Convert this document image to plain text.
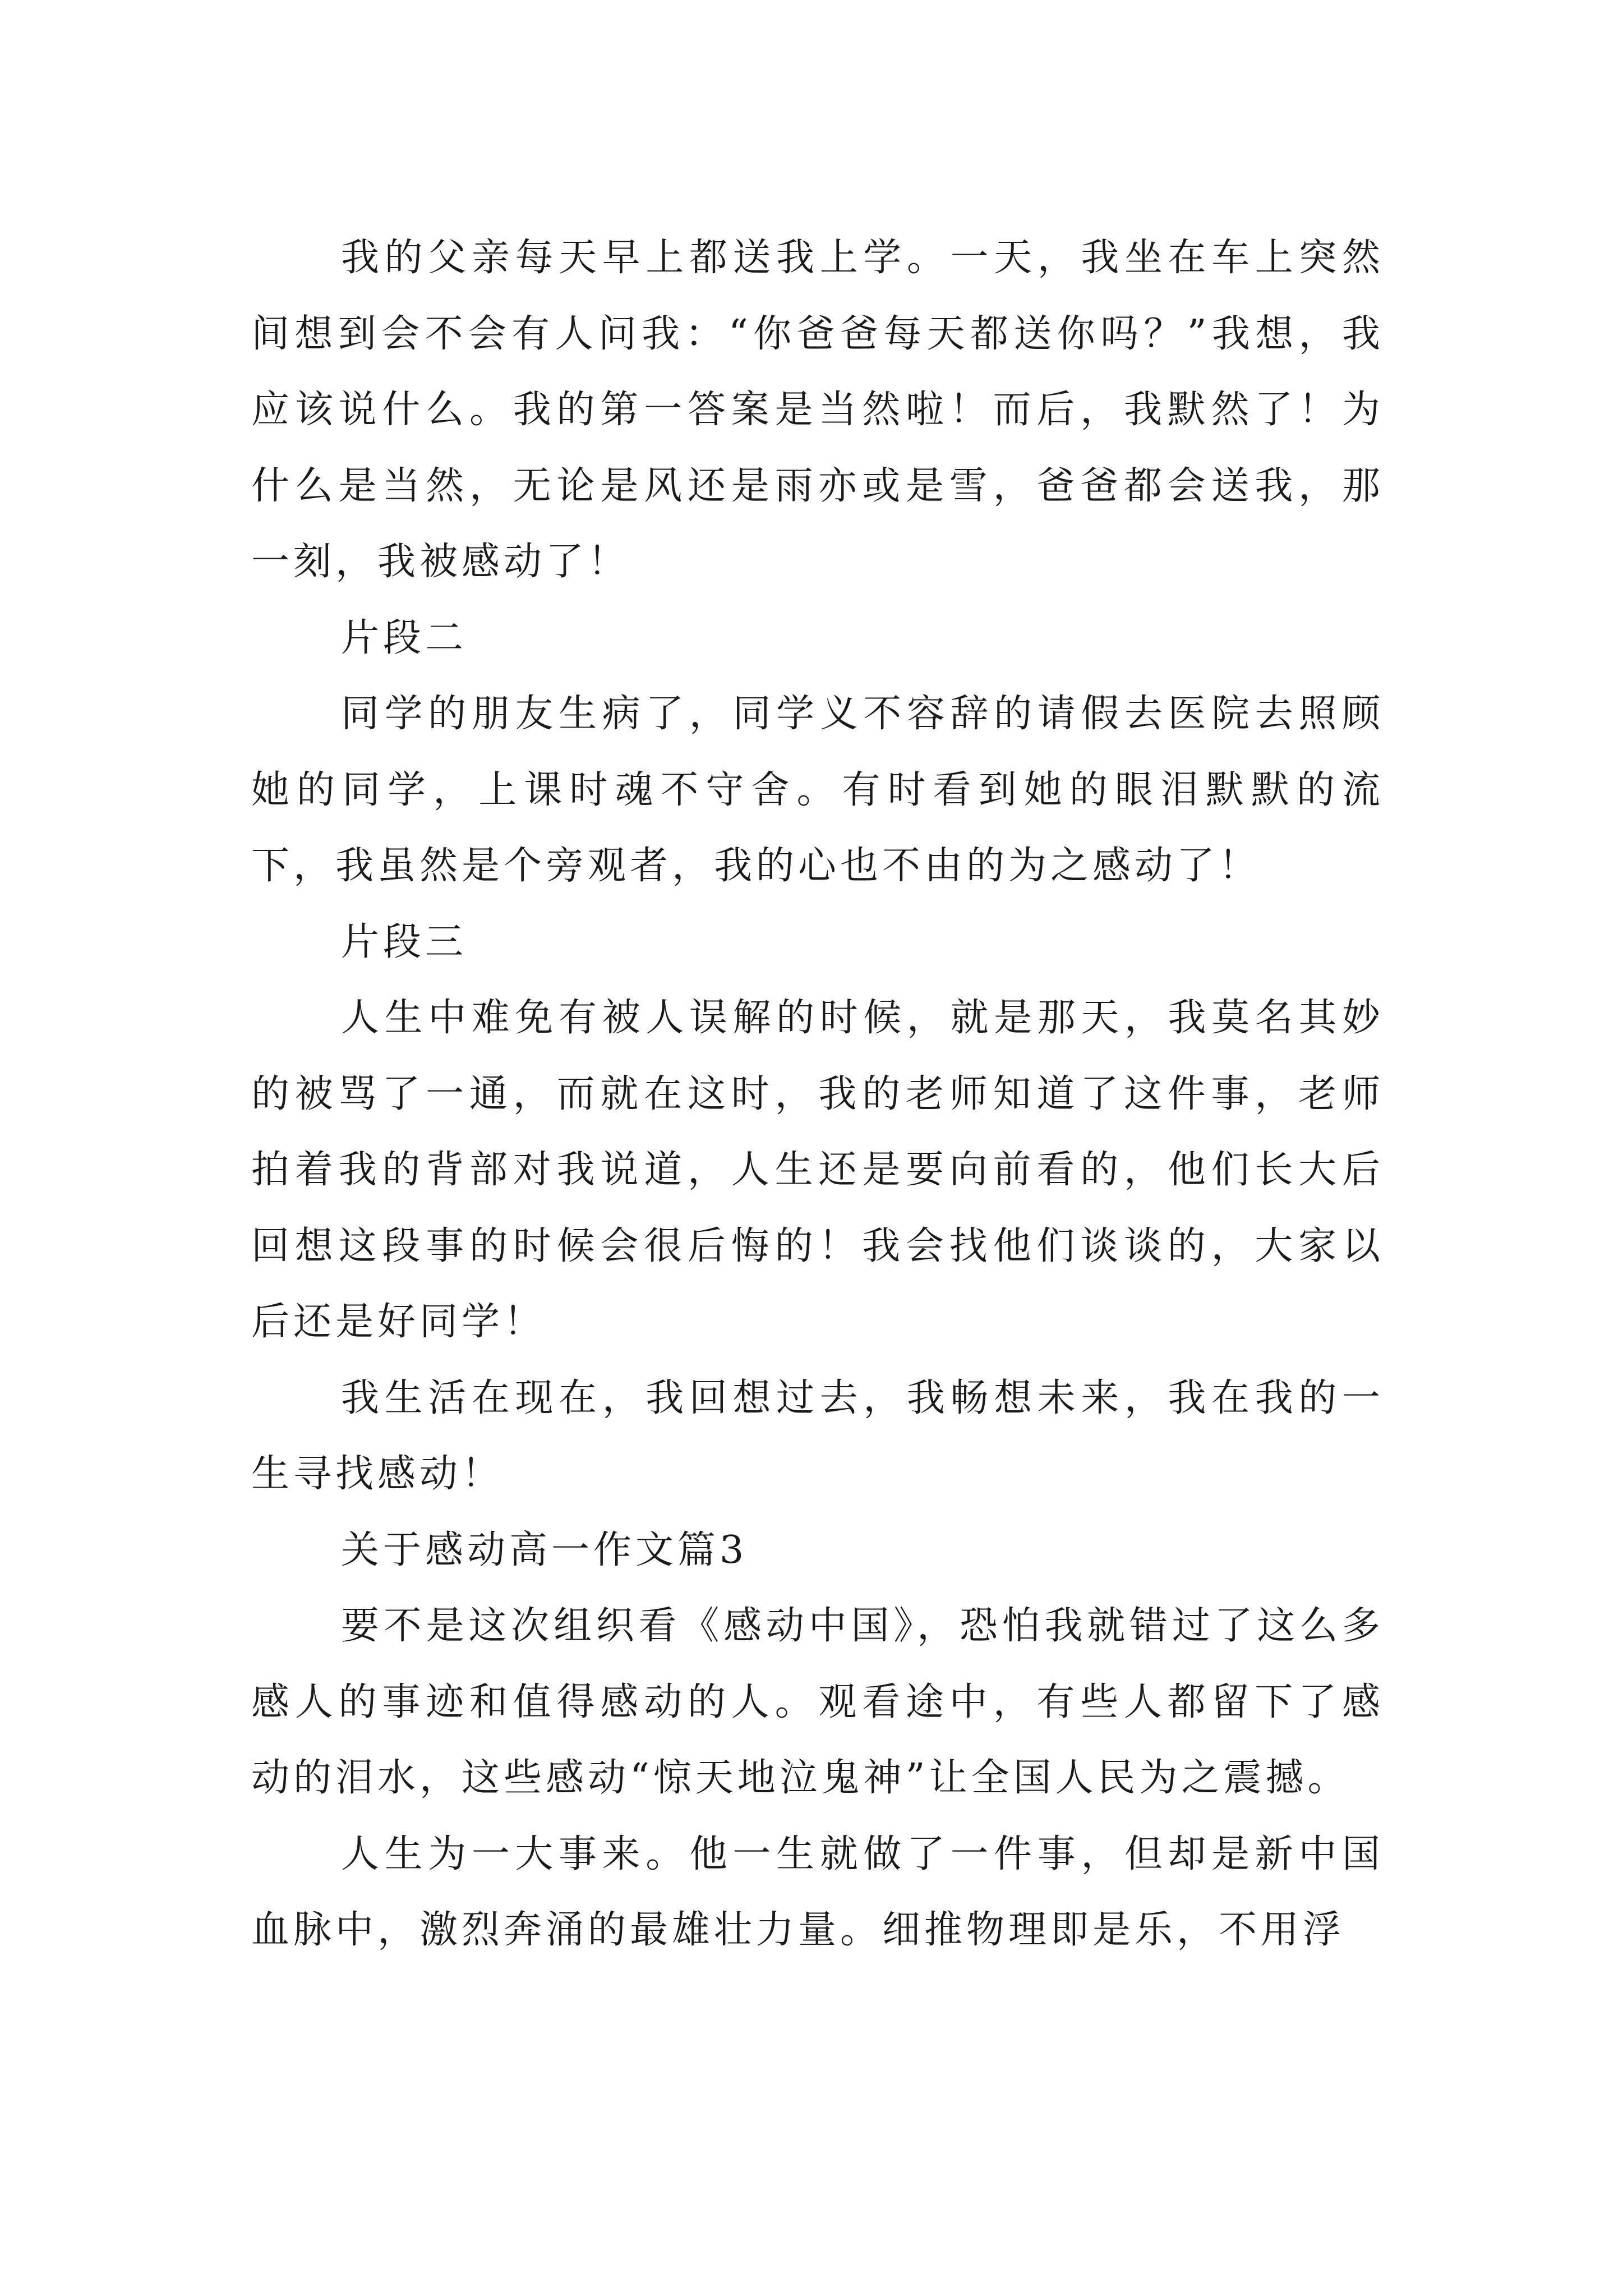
我的父亲每天早上都送我上学。一天，我坐在车上突然间想到会不会有人问我：“你爸爸每天都送你吗？”我想，我应该说什么。我的第一答案是当然啦！而后，我默然了！为什么是当然，无论是风还是雨亦或是雪，爸爸都会送我，那一刻，我被感动了！

片段二

同学的朋友生病了，同学义不容辞的请假去医院去照顾她的同学，上课时魂不守舍。有时看到她的眼泪默默的流下，我虽然是个旁观者，我的心也不由的为之感动了！

片段三

人生中难免有被人误解的时候，就是那天，我莫名其妙的被骂了一通，而就在这时，我的老师知道了这件事，老师拍着我的背部对我说道，人生还是要向前看的，他们长大后回想这段事的时候会很后悔的！我会找他们谈谈的，大家以后还是好同学！

我生活在现在，我回想过去，我畅想未来，我在我的一生寻找感动！

关于感动高一作文篇3

要不是这次组织看《感动中国》，恐怕我就错过了这么多感人的事迹和值得感动的人。观看途中，有些人都留下了感动的泪水，这些感动“惊天地泣鬼神”让全国人民为之震撼。

人生为一大事来。他一生就做了一件事，但却是新中国血脉中，激烈奔涌的最雄壮力量。细推物理即是乐，不用浮
